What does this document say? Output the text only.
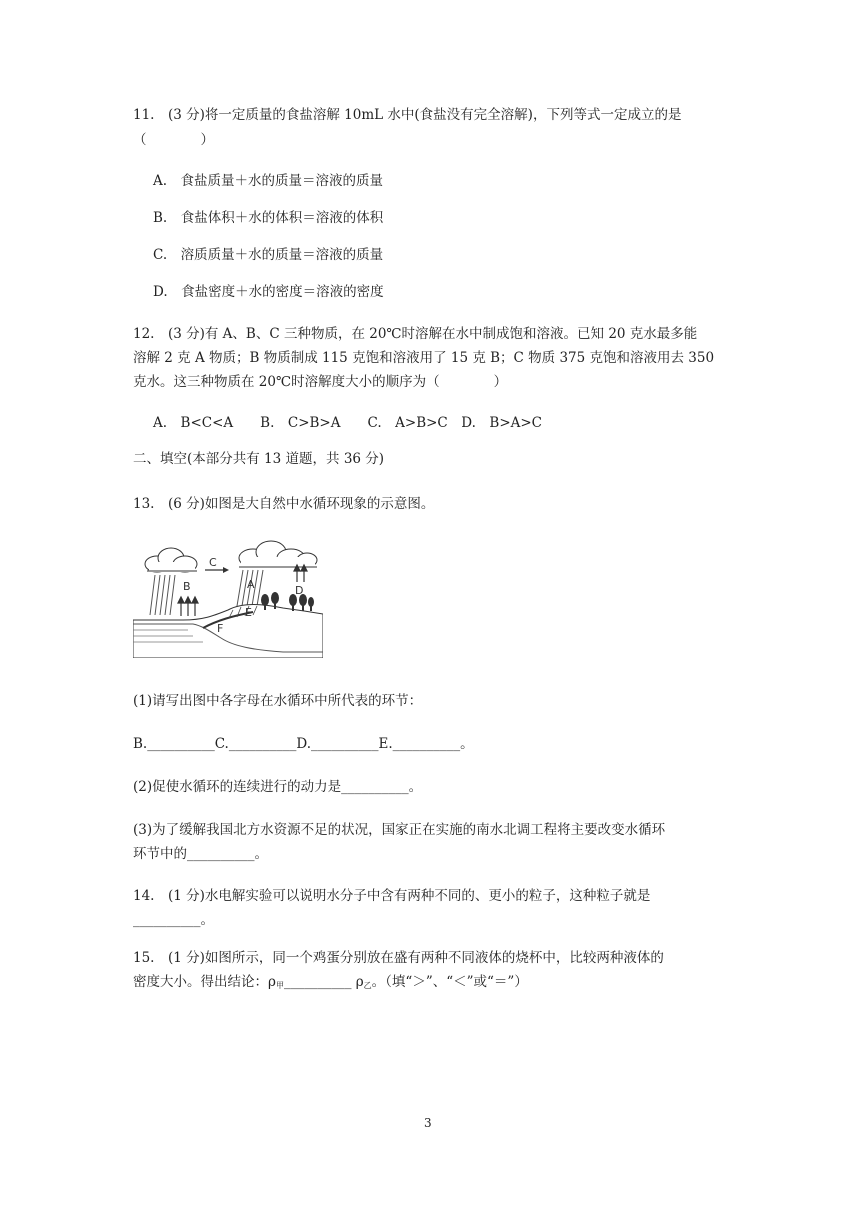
11.　(3 分)将一定质量的食盐溶解 10mL 水中(食盐没有完全溶解)，下列等式一定成立的是
（　　　　）
A.　食盐质量＋水的质量＝溶液的质量
B.　食盐体积＋水的体积＝溶液的体积
C.　溶质质量＋水的质量＝溶液的质量
D.　食盐密度＋水的密度＝溶液的密度
12.　(3 分)有 A、B、C 三种物质，在 20℃时溶解在水中制成饱和溶液。已知 20 克水最多能
溶解 2 克 A 物质；B 物质制成 115 克饱和溶液用了 15 克 B；C 物质 375 克饱和溶液用去 350
克水。这三种物质在 20℃时溶解度大小的顺序为（　　　　）
A.　B<C<A　　B.　C>B>A　　C.　A>B>C　D.　B>A>C
二、填空(本部分共有 13 道题，共 36 分)
13.　(6 分)如图是大自然中水循环现象的示意图。
C
A
B	D
E
F
(1)请写出图中各字母在水循环中所代表的环节：
B.__________C.__________D.__________E.__________。
(2)促使水循环的连续进行的动力是__________。
(3)为了缓解我国北方水资源不足的状况，国家正在实施的南水北调工程将主要改变水循环
环节中的__________。
14.　(1 分)水电解实验可以说明水分子中含有两种不同的、更小的粒子，这种粒子就是
__________。
15.　(1 分)如图所示，同一个鸡蛋分别放在盛有两种不同液体的烧杯中，比较两种液体的
密度大小。得出结论：$\rho_甲\_\_\_\_\_\_\_\_\_\_$ $\rho_乙$。（填“＞”、“＜”或“＝”）
3
